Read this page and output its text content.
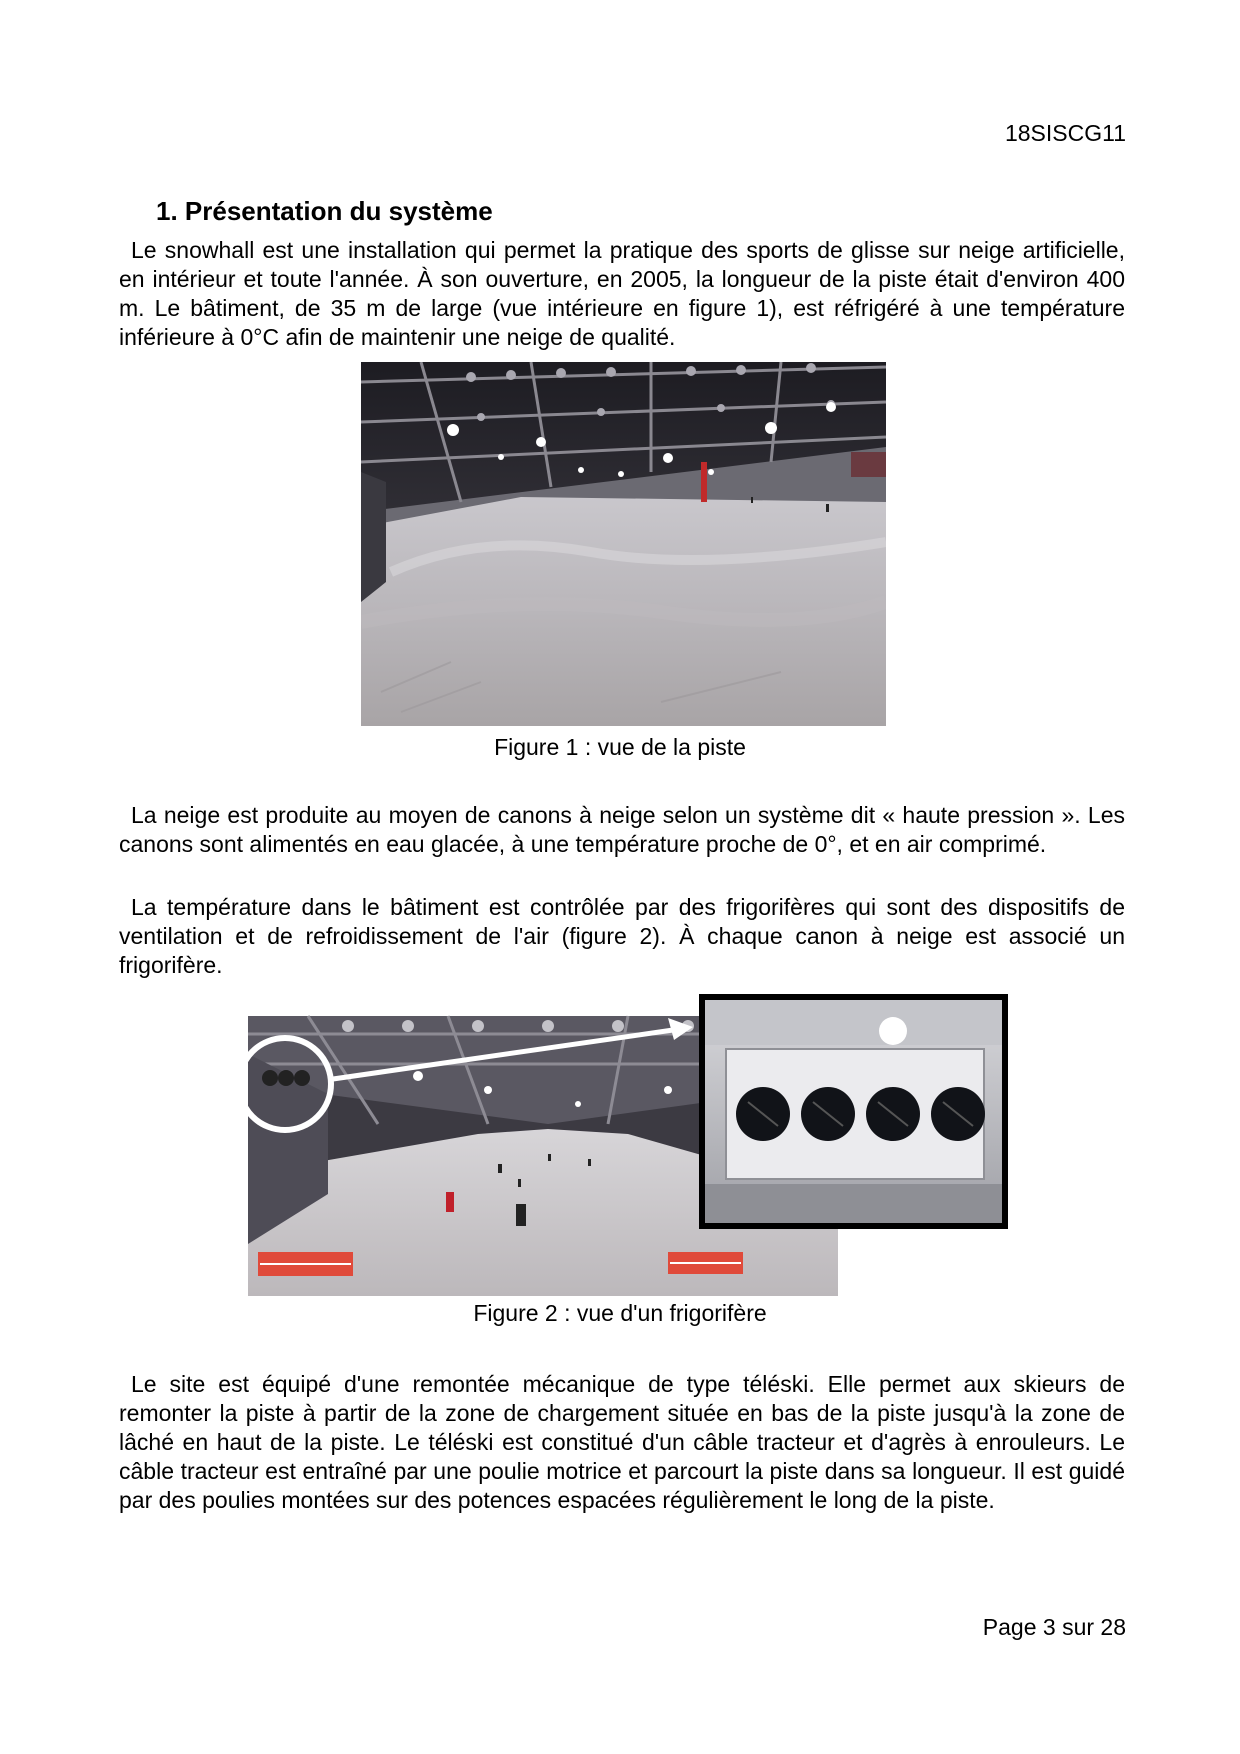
18SISCG11
1. Présentation du système

Le snowhall est une installation qui permet la pratique des sports de glisse sur neige artificielle, en intérieur et toute l'année. À son ouverture, en 2005, la longueur de la piste était d'environ 400 m. Le bâtiment, de 35 m de large (vue intérieure en figure 1), est réfrigéré à une température inférieure à 0°C afin de maintenir une neige de qualité.

Figure 1 : vue de la piste

La neige est produite au moyen de canons à neige selon un système dit « haute pression ». Les canons sont alimentés en eau glacée, à une température proche de 0°, et en air comprimé.

La température dans le bâtiment est contrôlée par des frigorifères qui sont des dispositifs de ventilation et de refroidissement de l'air (figure 2). À chaque canon à neige est associé un frigorifère.

Figure 2 : vue d'un frigorifère

Le site est équipé d'une remontée mécanique de type téléski. Elle permet aux skieurs de remonter la piste à partir de la zone de chargement située en bas de la piste jusqu'à la zone de lâché en haut de la piste. Le téléski est constitué d'un câble tracteur et d'agrès à enrouleurs. Le câble tracteur est entraîné par une poulie motrice et parcourt la piste dans sa longueur. Il est guidé par des poulies montées sur des potences espacées régulièrement le long de la piste.

Page 3 sur 28
